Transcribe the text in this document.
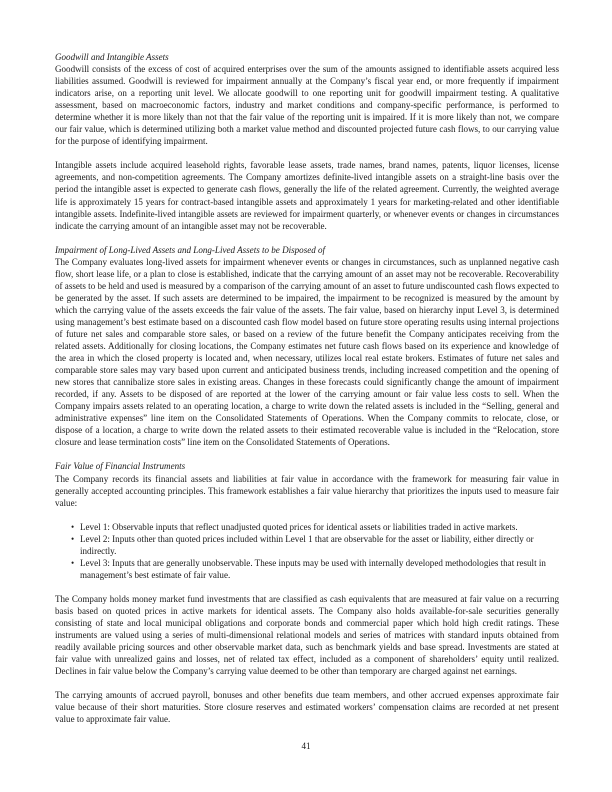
Goodwill and Intangible Assets

Goodwill consists of the excess of cost of acquired enterprises over the sum of the amounts assigned to identifiable assets acquired less liabilities assumed. Goodwill is reviewed for impairment annually at the Company’s fiscal year end, or more frequently if impairment indicators arise, on a reporting unit level. We allocate goodwill to one reporting unit for goodwill impairment testing. A qualitative assessment, based on macroeconomic factors, industry and market conditions and company-specific performance, is performed to determine whether it is more likely than not that the fair value of the reporting unit is impaired. If it is more likely than not, we compare our fair value, which is determined utilizing both a market value method and discounted projected future cash flows, to our carrying value for the purpose of identifying impairment.

Intangible assets include acquired leasehold rights, favorable lease assets, trade names, brand names, patents, liquor licenses, license agreements, and non-competition agreements. The Company amortizes definite-lived intangible assets on a straight-line basis over the period the intangible asset is expected to generate cash flows, generally the life of the related agreement. Currently, the weighted average life is approximately 15 years for contract-based intangible assets and approximately 1 years for marketing-related and other identifiable intangible assets. Indefinite-lived intangible assets are reviewed for impairment quarterly, or whenever events or changes in circumstances indicate the carrying amount of an intangible asset may not be recoverable.

Impairment of Long-Lived Assets and Long-Lived Assets to be Disposed of

The Company evaluates long-lived assets for impairment whenever events or changes in circumstances, such as unplanned negative cash flow, short lease life, or a plan to close is established, indicate that the carrying amount of an asset may not be recoverable. Recoverability of assets to be held and used is measured by a comparison of the carrying amount of an asset to future undiscounted cash flows expected to be generated by the asset. If such assets are determined to be impaired, the impairment to be recognized is measured by the amount by which the carrying value of the assets exceeds the fair value of the assets. The fair value, based on hierarchy input Level 3, is determined using management’s best estimate based on a discounted cash flow model based on future store operating results using internal projections of future net sales and comparable store sales, or based on a review of the future benefit the Company anticipates receiving from the related assets. Additionally for closing locations, the Company estimates net future cash flows based on its experience and knowledge of the area in which the closed property is located and, when necessary, utilizes local real estate brokers. Estimates of future net sales and comparable store sales may vary based upon current and anticipated business trends, including increased competition and the opening of new stores that cannibalize store sales in existing areas. Changes in these forecasts could significantly change the amount of impairment recorded, if any. Assets to be disposed of are reported at the lower of the carrying amount or fair value less costs to sell. When the Company impairs assets related to an operating location, a charge to write down the related assets is included in the “Selling, general and administrative expenses” line item on the Consolidated Statements of Operations. When the Company commits to relocate, close, or dispose of a location, a charge to write down the related assets to their estimated recoverable value is included in the “Relocation, store closure and lease termination costs” line item on the Consolidated Statements of Operations.

Fair Value of Financial Instruments

The Company records its financial assets and liabilities at fair value in accordance with the framework for measuring fair value in generally accepted accounting principles. This framework establishes a fair value hierarchy that prioritizes the inputs used to measure fair value:

• Level 1: Observable inputs that reflect unadjusted quoted prices for identical assets or liabilities traded in active markets.
• Level 2: Inputs other than quoted prices included within Level 1 that are observable for the asset or liability, either directly or indirectly.
• Level 3: Inputs that are generally unobservable. These inputs may be used with internally developed methodologies that result in management’s best estimate of fair value.

The Company holds money market fund investments that are classified as cash equivalents that are measured at fair value on a recurring basis based on quoted prices in active markets for identical assets. The Company also holds available-for-sale securities generally consisting of state and local municipal obligations and corporate bonds and commercial paper which hold high credit ratings. These instruments are valued using a series of multi-dimensional relational models and series of matrices with standard inputs obtained from readily available pricing sources and other observable market data, such as benchmark yields and base spread. Investments are stated at fair value with unrealized gains and losses, net of related tax effect, included as a component of shareholders’ equity until realized. Declines in fair value below the Company’s carrying value deemed to be other than temporary are charged against net earnings.

The carrying amounts of accrued payroll, bonuses and other benefits due team members, and other accrued expenses approximate fair value because of their short maturities. Store closure reserves and estimated workers’ compensation claims are recorded at net present value to approximate fair value.

41
